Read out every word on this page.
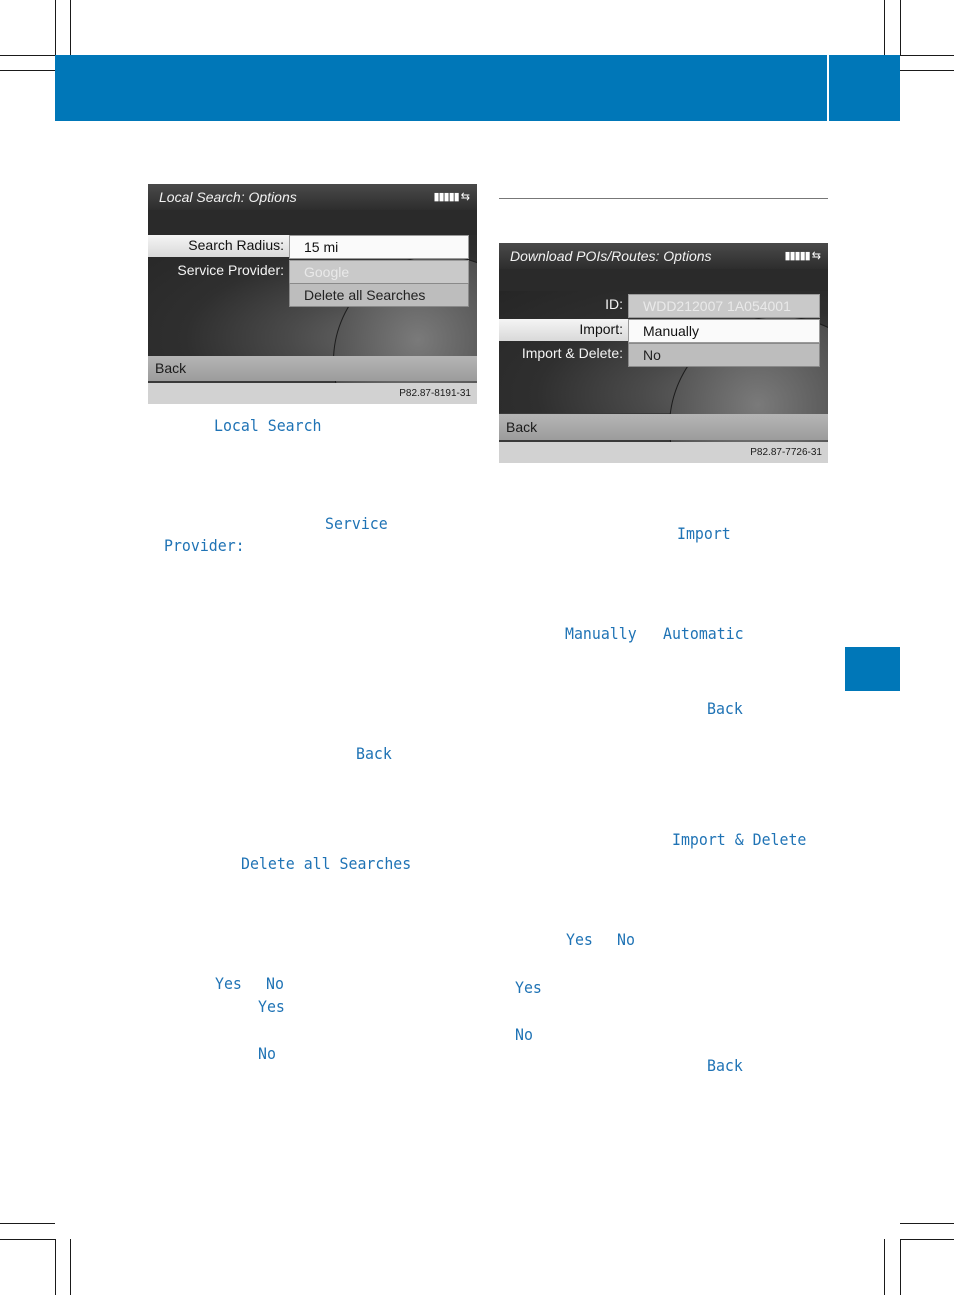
Local Search: Options	▮▮▮▮▮ ⇆
Search Radius:	15 mi
Service Provider:	Google
Delete all Searches
Back
P82.87-8191-31
Download POIs/Routes: Options	▮▮▮▮▮ ⇆
ID:	WDD212007 1A054001
Import:	Manually
Import & Delete:	No
Back
P82.87-7726-31
Local Search
Service
Provider:
Back
Delete all Searches
Yes No
Yes
No
Import
Manually Automatic
Back
Import & Delete
Yes No
Yes
No
Back
